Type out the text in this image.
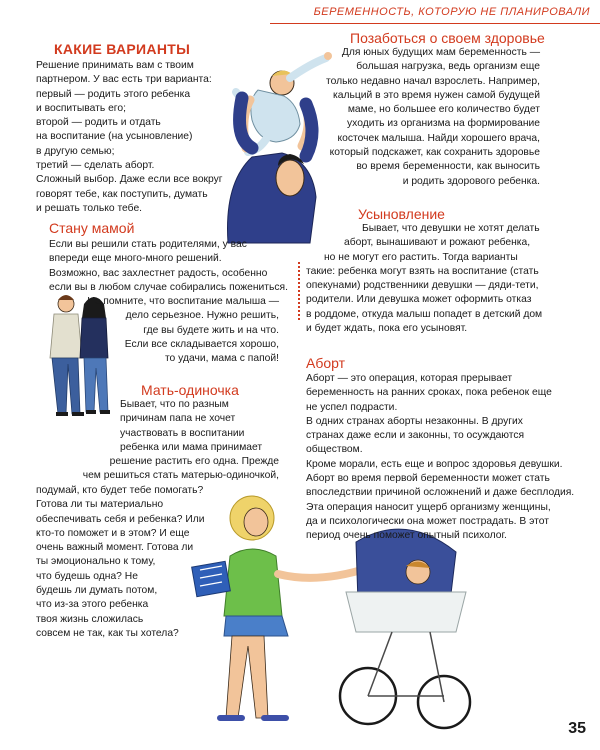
БЕРЕМЕННОСТЬ, КОТОРУЮ НЕ ПЛАНИРОВАЛИ
КАКИЕ ВАРИАНТЫ
Решение принимать вам с твоим
партнером. У вас есть три варианта:
первый — родить этого ребенка
и воспитывать его;
второй — родить и отдать
на воспитание (на усыновление)
в другую семью;
третий — сделать аборт.
Сложный выбор. Даже если все вокруг
говорят тебе, как поступить, думать
и решать только тебе.
Стану мамой
Если вы решили стать родителями, у вас
впереди еще много-много решений.
Возможно, вас захлестнет радость, особенно
если вы в любом случае собирались пожениться.
Но помните, что воспитание малыша —
дело серьезное. Нужно решить,
где вы будете жить и на что.
Если все складывается хорошо,
то удачи, мама с папой!
Мать-одиночка
Бывает, что по разным
причинам папа не хочет
участвовать в воспитании
ребенка или мама принимает
решение растить его одна. Прежде
чем решиться стать матерью-одиночкой,
подумай, кто будет тебе помогать?
Готова ли ты материально
обеспечивать себя и ребенка? Или
кто-то поможет и в этом? И еще
очень важный момент. Готова ли
ты эмоционально к тому,
что будешь одна? Не
будешь ли думать потом,
что из-за этого ребенка
твоя жизнь сложилась
совсем не так, как ты хотела?
Позаботься о своем здоровье
Для юных будущих мам беременность —
большая нагрузка, ведь организм еще
только недавно начал взрослеть. Например,
кальций в это время нужен самой будущей
маме, но большее его количество будет
уходить из организма на формирование
косточек малыша. Найди хорошего врача,
который подскажет, как сохранить здоровье
во время беременности, как выносить
и родить здорового ребенка.
Усыновление
Бывает, что девушки не хотят делать
аборт, вынашивают и рожают ребенка,
но не могут его растить. Тогда варианты
такие: ребенка могут взять на воспитание (стать
опекунами) родственники девушки — дяди-тети,
родители. Или девушка может оформить отказ
в роддоме, откуда малыш попадет в детский дом
и будет ждать, пока его усыновят.
Аборт
Аборт — это операция, которая прерывает
беременность на ранних сроках, пока ребенок еще
не успел подрасти.
В одних странах аборты незаконны. В других
странах даже если и законны, то осуждаются
обществом.
Кроме морали, есть еще и вопрос здоровья девушки.
Аборт во время первой беременности может стать
впоследствии причиной осложнений и даже бесплодия.
Эта операция наносит ущерб организму женщины,
да и психологически она может пострадать. В этот
период очень поможет опытный психолог.
35
